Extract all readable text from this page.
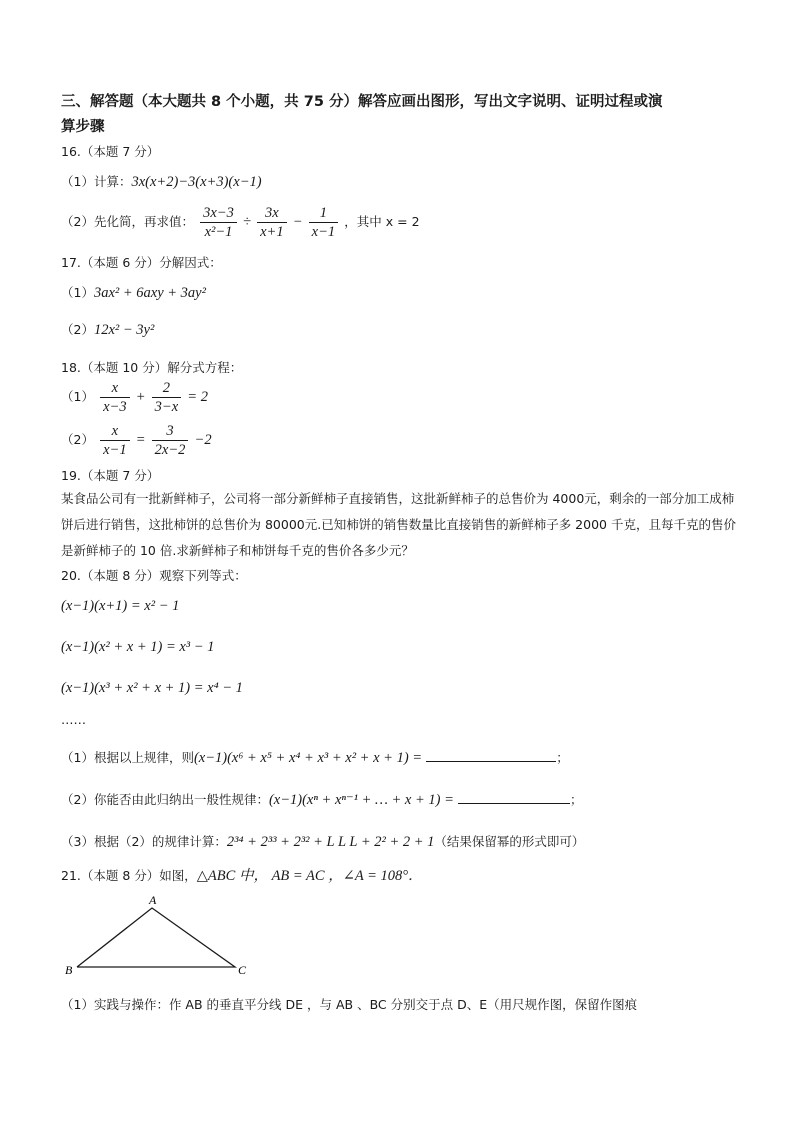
三、解答题（本大题共 8 个小题，共 75 分）解答应画出图形，写出文字说明、证明过程或演
算步骤
16.（本题 7 分）
（1）计算：3x(x+2)−3(x+3)(x−1)
（2）先化简，再求值： $\frac{3x-3}{\text{x²−1}} \div \frac{3x}{x+1} - \frac{1}{x-1}$ ，其中 x = 2
17.（本题 6 分）分解因式：
（1）3ax² + 6axy + 3ay²
（2）12x² − 3y²
18.（本题 10 分）解分式方程：
$(1) \frac{x}{x-3} + \frac{2}{3-x} = 2$
$(2) \frac{x}{x-1} = \frac{3}{2x-2} -2$
19.（本题 7 分）
某食品公司有一批新鲜柿子，公司将一部分新鲜柿子直接销售，这批新鲜柿子的总售价为 4000元，剩余的一部分加工成柿饼后进行销售，这批柿饼的总售价为 80000元.已知柿饼的销售数量比直接销售的新鲜柿子多 2000 千克，且每千克的售价是新鲜柿子的 10 倍.求新鲜柿子和柿饼每千克的售价各多少元？
20.（本题 8 分）观察下列等式：
(x−1)(x+1) = x² − 1
(x−1)(x² + x + 1) = x³ − 1
(x−1)(x³ + x² + x + 1) = x⁴ − 1
……
（1）根据以上规律，则(x−1)(x⁶ + x⁵ + x⁴ + x³ + x² + x + 1) =	；
（2）你能否由此归纳出一般性规律：(x−1)(xⁿ + xⁿ⁻¹ + … + x + 1) =	；
（3）根据（2）的规律计算：2³⁴ + 2³³ + 2³² + L L L + 2² + 2 + 1（结果保留幂的形式即可）
21.（本题 8 分）如图，△ABC 中， AB = AC ，∠A = 108°．
A
B	C
（1）实践与操作：作 AB 的垂直平分线 DE ，与 AB 、BC 分别交于点 D、E（用尺规作图，保留作图痕
